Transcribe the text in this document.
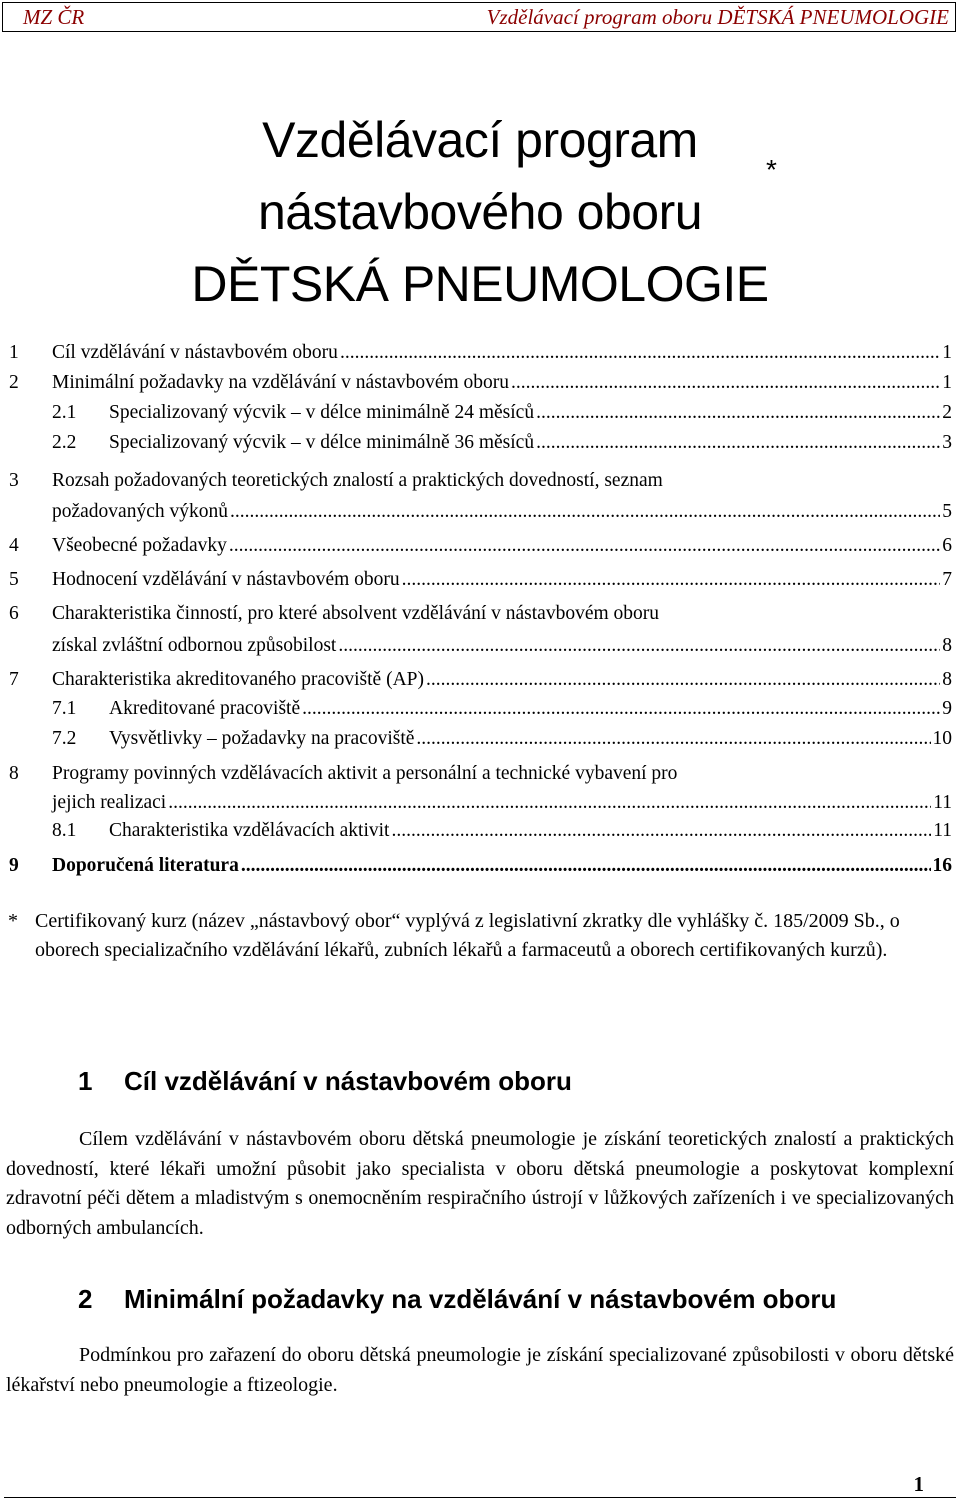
MZ ČR	Vzdělávací program oboru DĚTSKÁ PNEUMOLOGIE
Vzdělávací program
nástavbového oboru
DĚTSKÁ PNEUMOLOGIE
*
1 Cíl vzdělávání v nástavbovém oboru .....	1
2 Minimální požadavky na vzdělávání v nástavbovém oboru .....	1
2.1 Specializovaný výcvik – v délce minimálně 24 měsíců .....	2
2.2 Specializovaný výcvik – v délce minimálně 36 měsíců .....	3
3 Rozsah požadovaných teoretických znalostí a praktických dovedností, seznam
požadovaných výkonů .....	5
4 Všeobecné požadavky .....	6
5 Hodnocení vzdělávání v nástavbovém oboru .....	7
6 Charakteristika činností, pro které absolvent vzdělávání v nástavbovém oboru
získal zvláštní odbornou způsobilost .....	8
7 Charakteristika akreditovaného pracoviště (AP) .....	8
7.1 Akreditované pracoviště .....	9
7.2 Vysvětlivky – požadavky na pracoviště .....	10
8 Programy povinných vzdělávacích aktivit a personální a technické vybavení pro
jejich realizaci .....	11
8.1 Charakteristika vzdělávacích aktivit .....	11
9 Doporučená literatura .....	16
* Certifikovaný kurz (název „nástavbový obor“ vyplývá z legislativní zkratky dle vyhlášky č. 185/2009 Sb., o oborech specializačního vzdělávání lékařů, zubních lékařů a farmaceutů a oborech certifikovaných kurzů).
1 Cíl vzdělávání v nástavbovém oboru
Cílem vzdělávání v nástavbovém oboru dětská pneumologie je získání teoretických znalostí a praktických dovedností, které lékaři umožní působit jako specialista v oboru dětská pneumologie a poskytovat komplexní zdravotní péči dětem a mladistvým s onemocněním respiračního ústrojí v lůžkových zařízeních i ve specializovaných odborných ambulancích.
2 Minimální požadavky na vzdělávání v nástavbovém oboru
Podmínkou pro zařazení do oboru dětská pneumologie je získání specializované způsobilosti v oboru dětské lékařství nebo pneumologie a ftizeologie.
1
